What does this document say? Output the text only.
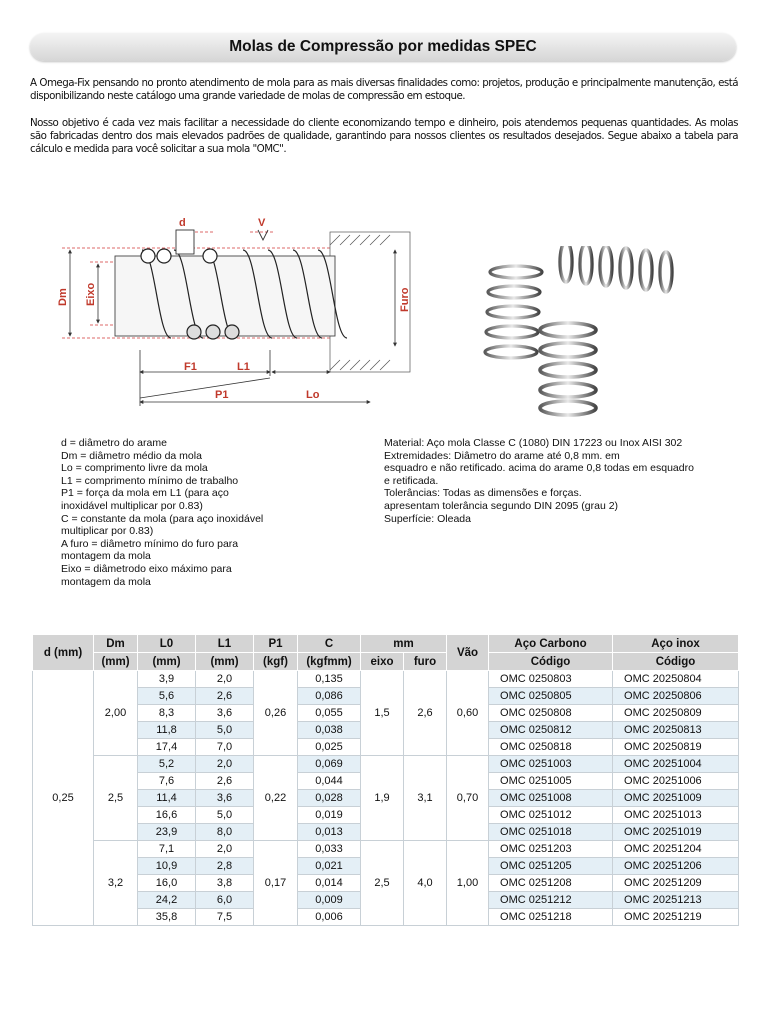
Molas de Compressão por medidas SPEC

A Omega-Fix pensando no pronto atendimento de mola para as mais diversas finalidades como: projetos, produção e principalmente manutenção, está disponibilizando neste catálogo uma grande variedade de molas de compressão em estoque.

Nosso objetivo é cada vez mais facilitar a necessidade do cliente economizando tempo e dinheiro, pois atendemos pequenas quantidades. As molas são fabricadas dentro dos mais elevados padrões de qualidade, garantindo para nossos clientes os resultados desejados. Segue abaixo a tabela para cálculo e medida para você solicitar a sua mola "OMC".

d	V
L1
F1
P1	Lo
Dm Eixo	Furo
d = diâmetro do arame
Dm = diâmetro médio da mola
Lo = comprimento livre da mola
L1 = comprimento mínimo de trabalho
P1 = força da mola em L1 (para aço
inoxidável multiplicar por 0.83)
C = constante da mola (para aço inoxidável
multiplicar por 0.83)
A furo = diâmetro mínimo do furo para
montagem da mola
Eixo = diâmetrodo eixo máximo para
montagem da mola
Material: Aço mola Classe C (1080) DIN 17223 ou Inox AISI 302
Extremidades: Diâmetro do arame até 0,8 mm. em
esquadro e não retificado. acima do arame 0,8 todas em esquadro
e retificada.
Tolerâncias: Todas as dimensões e forças.
apresentam tolerância segundo DIN 2095 (grau 2)
Superfície: Oleada
d (mm)	Dm	L0	L1	P1	C	mm		Vão	Aço Carbono	Aço inox
	(mm)	(mm)	(mm)	(kgf)	(kgfmm)	eixo	furo		Código	Código
0,25	2,00	3,9	2,0	0,26	0,135	1,5	2,6	0,60	OMC 0250803	OMC 20250804
		5,6	2,6		0,086				OMC 0250805	OMC 20250806
		8,3	3,6		0,055				OMC 0250808	OMC 20250809
		11,8	5,0		0,038				OMC 0250812	OMC 20250813
		17,4	7,0		0,025				OMC 0250818	OMC 20250819
	2,5	5,2	2,0	0,22	0,069	1,9	3,1	0,70	OMC 0251003	OMC 20251004
		7,6	2,6		0,044				OMC 0251005	OMC 20251006
		11,4	3,6		0,028				OMC 0251008	OMC 20251009
		16,6	5,0		0,019				OMC 0251012	OMC 20251013
		23,9	8,0		0,013				OMC 0251018	OMC 20251019
	3,2	7,1	2,0	0,17	0,033	2,5	4,0	1,00	OMC 0251203	OMC 20251204
		10,9	2,8		0,021				OMC 0251205	OMC 20251206
		16,0	3,8		0,014				OMC 0251208	OMC 20251209
		24,2	6,0		0,009				OMC 0251212	OMC 20251213
		35,8	7,5		0,006				OMC 0251218	OMC 20251219
